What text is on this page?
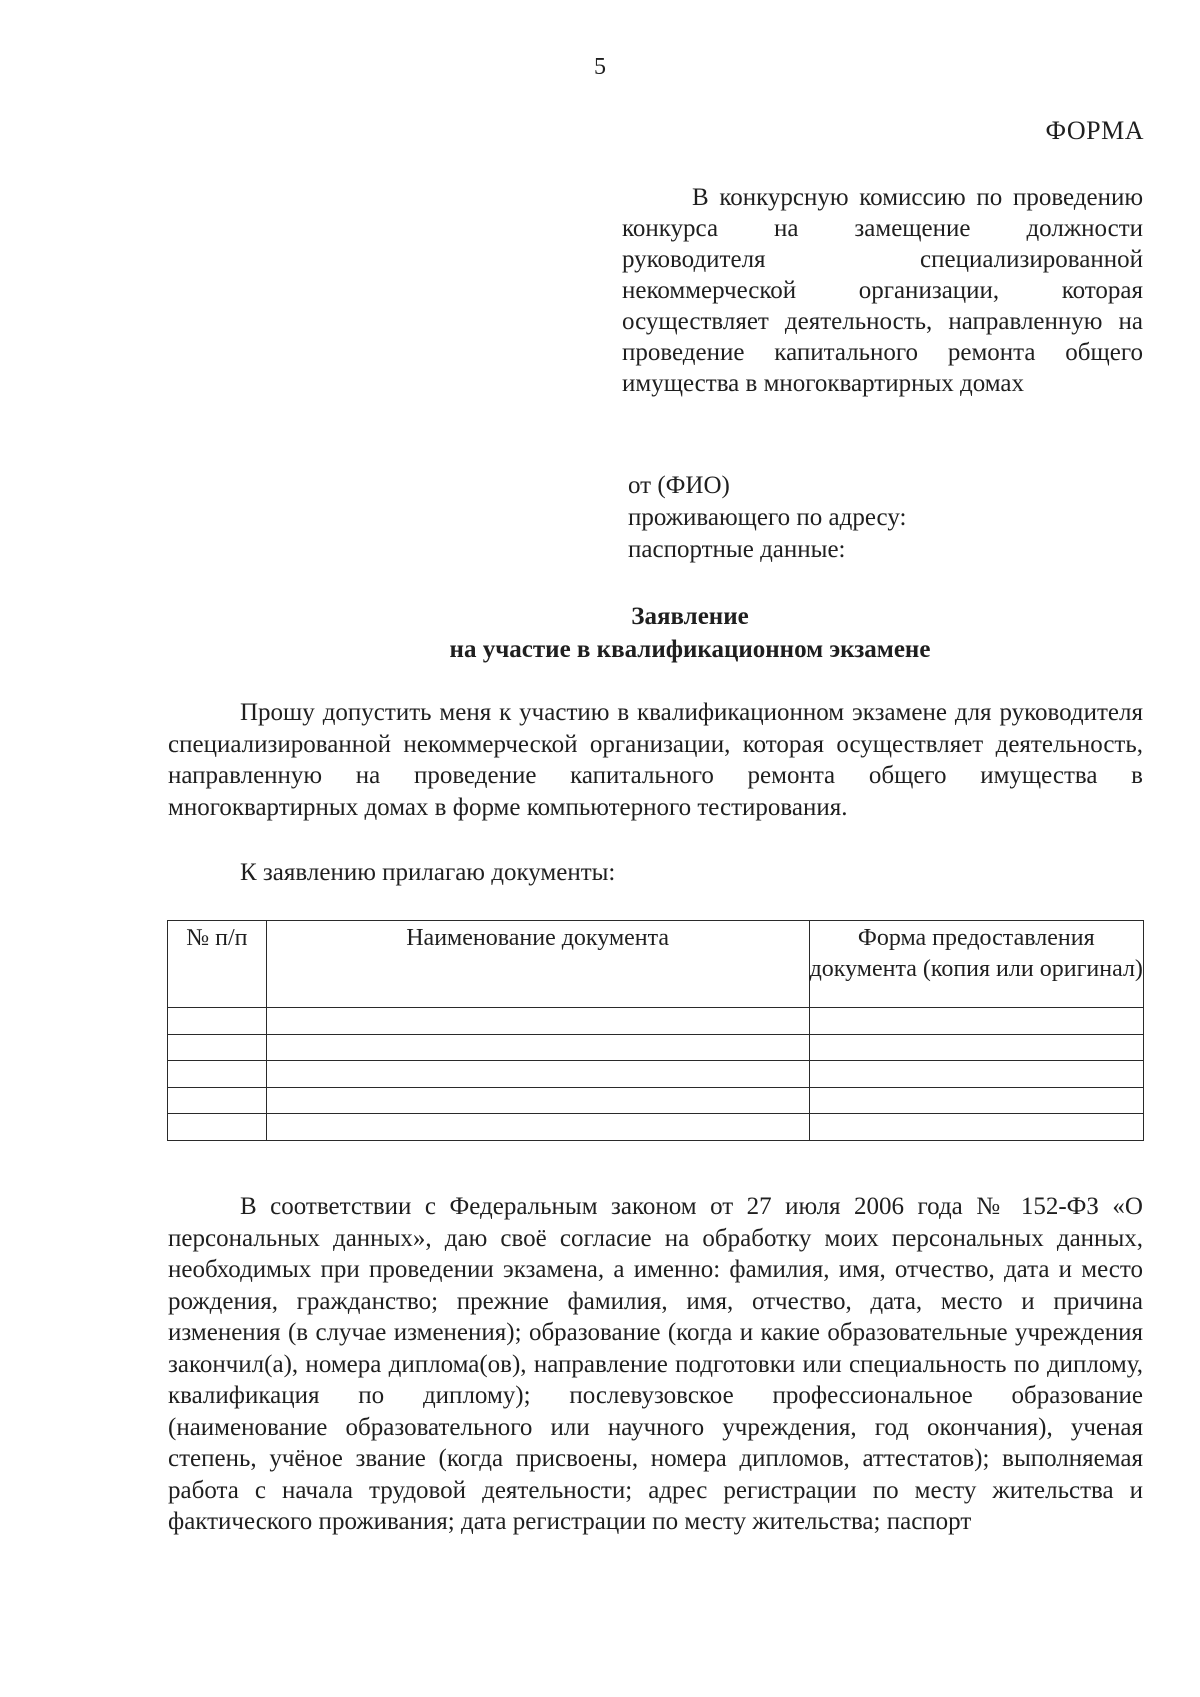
5
ФОРМА
В конкурсную комиссию по проведению конкурса на замещение должности руководителя специализированной некоммерческой организации, которая осуществляет деятельность, направленную на проведение капитального ремонта общего имущества в многоквартирных домах
от (ФИО)
проживающего по адресу:
паспортные данные:
Заявление
на участие в квалификационном экзамене
Прошу допустить меня к участию в квалификационном экзамене для руководителя специализированной некоммерческой организации, которая осуществляет деятельность, направленную на проведение капитального ремонта общего имущества в многоквартирных домах в форме компьютерного тестирования.
К заявлению прилагаю документы:
№ п/п	Наименование документа	Форма предоставления документа (копия или оригинал)

В соответствии с Федеральным законом от 27 июля 2006 года № 152-ФЗ «О персональных данных», даю своё согласие на обработку моих персональных данных, необходимых при проведении экзамена, а именно: фамилия, имя, отчество, дата и место рождения, гражданство; прежние фамилия, имя, отчество, дата, место и причина изменения (в случае изменения); образование (когда и какие образовательные учреждения закончил(а), номера диплома(ов), направление подготовки или специальность по диплому, квалификация по диплому); послевузовское профессиональное образование (наименование образовательного или научного учреждения, год окончания), ученая степень, учёное звание (когда присвоены, номера дипломов, аттестатов); выполняемая работа с начала трудовой деятельности; адрес регистрации по месту жительства и фактического проживания; дата регистрации по месту жительства; паспорт
